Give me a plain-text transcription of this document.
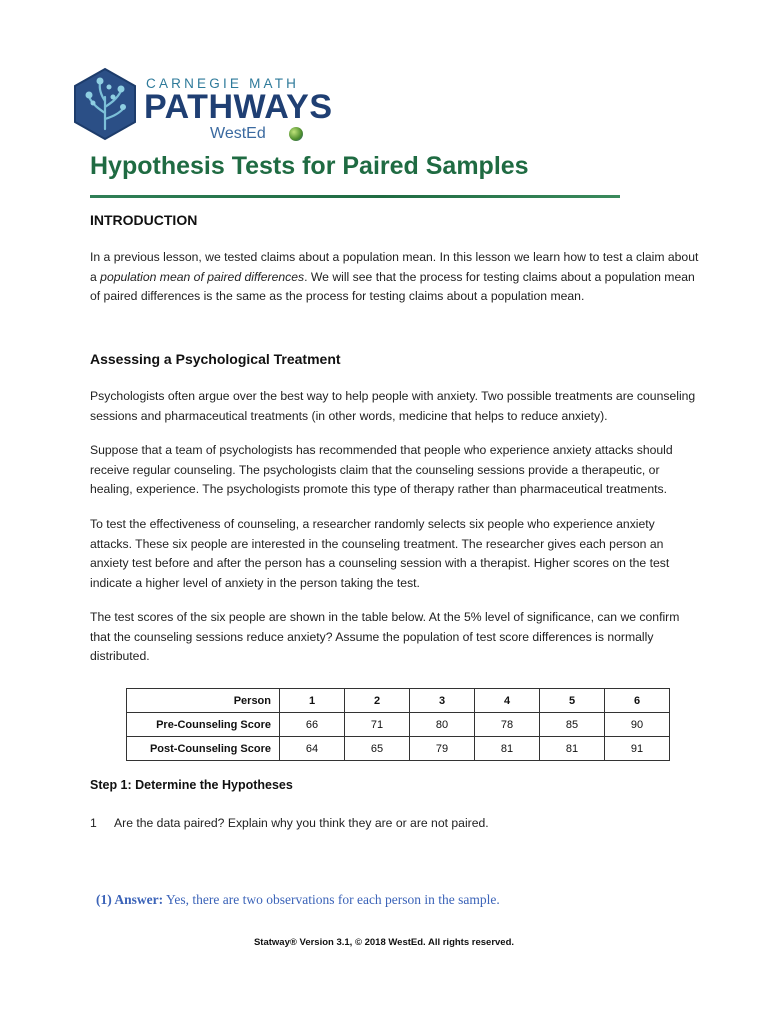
CARNEGIE MATH
PATHWAYS
WestEd
Hypothesis Tests for Paired Samples
INTRODUCTION

In a previous lesson, we tested claims about a population mean. In this lesson we learn how to test a claim about a population mean of paired differences. We will see that the process for testing claims about a population mean of paired differences is the same as the process for testing claims about a population mean.

Assessing a Psychological Treatment

Psychologists often argue over the best way to help people with anxiety. Two possible treatments are counseling sessions and pharmaceutical treatments (in other words, medicine that helps to reduce anxiety).

Suppose that a team of psychologists has recommended that people who experience anxiety attacks should receive regular counseling. The psychologists claim that the counseling sessions provide a therapeutic, or healing, experience. The psychologists promote this type of therapy rather than pharmaceutical treatments.

To test the effectiveness of counseling, a researcher randomly selects six people who experience anxiety attacks. These six people are interested in the counseling treatment. The researcher gives each person an anxiety test before and after the person has a counseling session with a therapist. Higher scores on the test indicate a higher level of anxiety in the person taking the test.

The test scores of the six people are shown in the table below. At the 5% level of significance, can we confirm that the counseling sessions reduce anxiety? Assume the population of test score differences is normally distributed.

Person	1	2	3	4	5	6
Pre-Counseling Score	66	71	80	78	85	90
Post-Counseling Score	64	65	79	81	81	91
Step 1: Determine the Hypotheses
1 Are the data paired? Explain why you think they are or are not paired.
(1) Answer: Yes, there are two observations for each person in the sample.
Statway® Version 3.1, © 2018 WestEd. All rights reserved.
